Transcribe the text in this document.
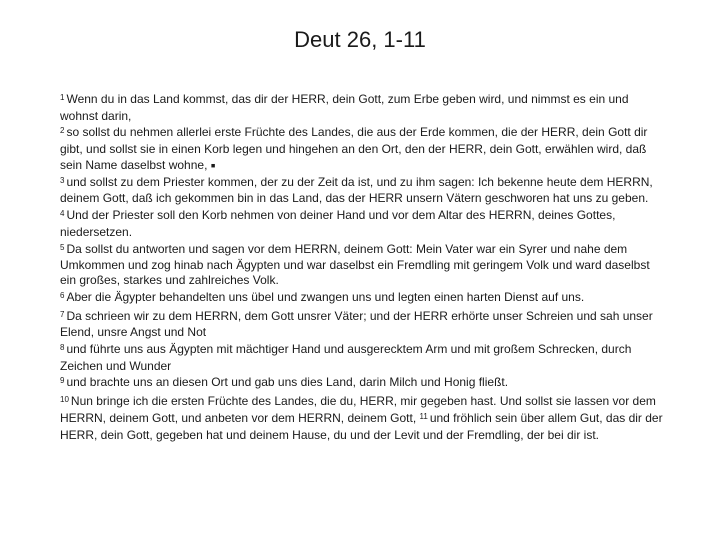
Deut 26, 1-11

$^1$ Wenn du in das Land kommst, das dir der HERR, dein Gott, zum Erbe geben wird, und nimmst es ein und wohnst darin,

$^2$ so sollst du nehmen allerlei erste Früchte des Landes, die aus der Erde kommen, die der HERR, dein Gott dir gibt, und sollst sie in einen Korb legen und hingehen an den Ort, den der HERR, dein Gott, erwählen wird, daß sein Name daselbst wohne, ▪

$^3$ und sollst zu dem Priester kommen, der zu der Zeit da ist, und zu ihm sagen: Ich bekenne heute dem HERRN, deinem Gott, daß ich gekommen bin in das Land, das der HERR unsern Vätern geschworen hat uns zu geben.

$^4$ Und der Priester soll den Korb nehmen von deiner Hand und vor dem Altar des HERRN, deines Gottes, niedersetzen.

$^5$ Da sollst du antworten und sagen vor dem HERRN, deinem Gott: Mein Vater war ein Syrer und nahe dem Umkommen und zog hinab nach Ägypten und war daselbst ein Fremdling mit geringem Volk und ward daselbst ein großes, starkes und zahlreiches Volk.

$^6$ Aber die Ägypter behandelten uns übel und zwangen uns und legten einen harten Dienst auf uns.

$^7$ Da schrieen wir zu dem HERRN, dem Gott unsrer Väter; und der HERR erhörte unser Schreien und sah unser Elend, unsre Angst und Not

$^8$ und führte uns aus Ägypten mit mächtiger Hand und ausgerecktem Arm und mit großem Schrecken, durch Zeichen und Wunder

$^9$ und brachte uns an diesen Ort und gab uns dies Land, darin Milch und Honig fließt.

$^{10}$ Nun bringe ich die ersten Früchte des Landes, die du, HERR, mir gegeben hast. Und sollst sie lassen vor dem HERRN, deinem Gott, und anbeten vor dem HERRN, deinem Gott, $^{11}$ und fröhlich sein über allem Gut, das dir der HERR, dein Gott, gegeben hat und deinem Hause, du und der Levit und der Fremdling, der bei dir ist.
